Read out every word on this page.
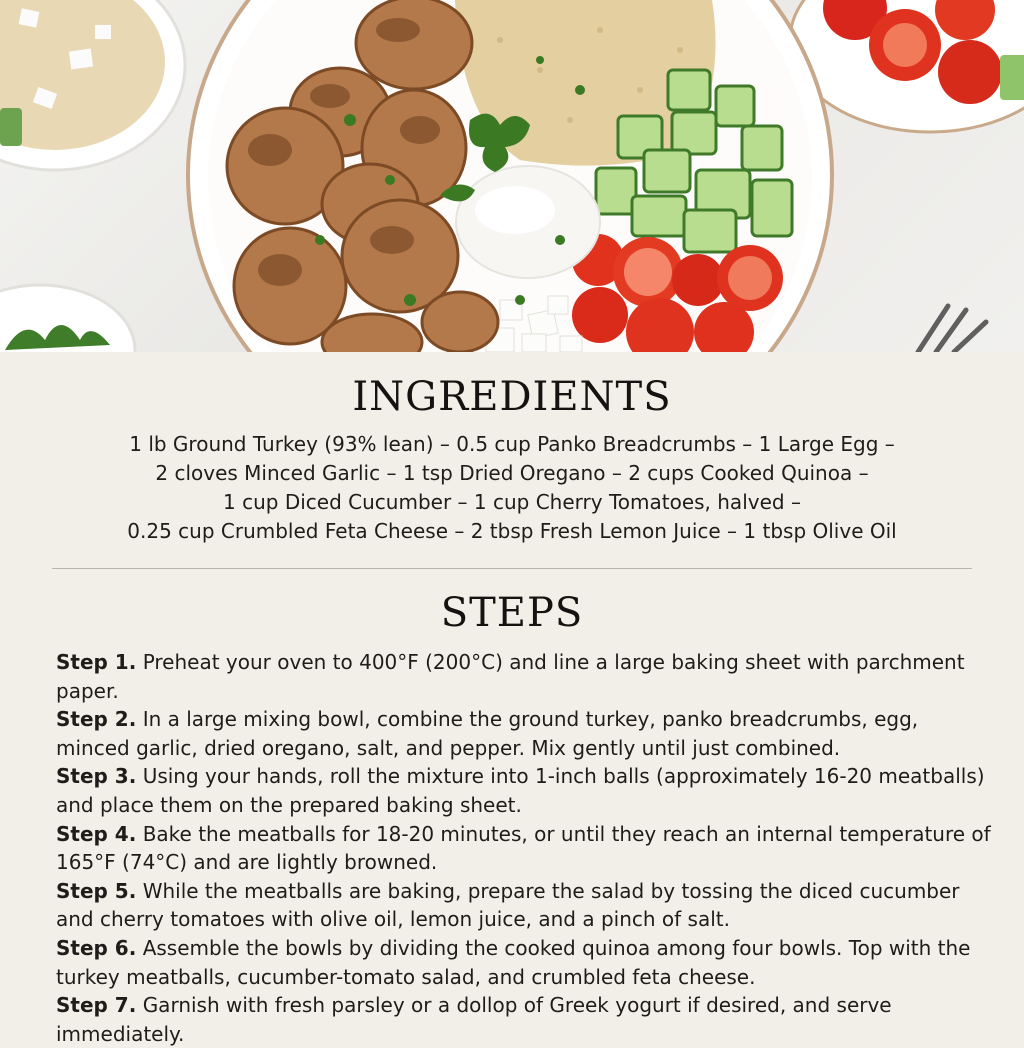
INGREDIENTS
1 lb Ground Turkey (93% lean) – 0.5 cup Panko Breadcrumbs – 1 Large Egg – 2 cloves Minced Garlic – 1 tsp Dried Oregano – 2 cups Cooked Quinoa – 1 cup Diced Cucumber – 1 cup Cherry Tomatoes, halved – 0.25 cup Crumbled Feta Cheese – 2 tbsp Fresh Lemon Juice – 1 tbsp Olive Oil
STEPS

Step 1. Preheat your oven to 400°F (200°C) and line a large baking sheet with parchment paper.

Step 2. In a large mixing bowl, combine the ground turkey, panko breadcrumbs, egg, minced garlic, dried oregano, salt, and pepper. Mix gently until just combined.

Step 3. Using your hands, roll the mixture into 1-inch balls (approximately 16-20 meatballs) and place them on the prepared baking sheet.

Step 4. Bake the meatballs for 18-20 minutes, or until they reach an internal temperature of 165°F (74°C) and are lightly browned.

Step 5. While the meatballs are baking, prepare the salad by tossing the diced cucumber and cherry tomatoes with olive oil, lemon juice, and a pinch of salt.

Step 6. Assemble the bowls by dividing the cooked quinoa among four bowls. Top with the turkey meatballs, cucumber-tomato salad, and crumbled feta cheese.

Step 7. Garnish with fresh parsley or a dollop of Greek yogurt if desired, and serve immediately.
